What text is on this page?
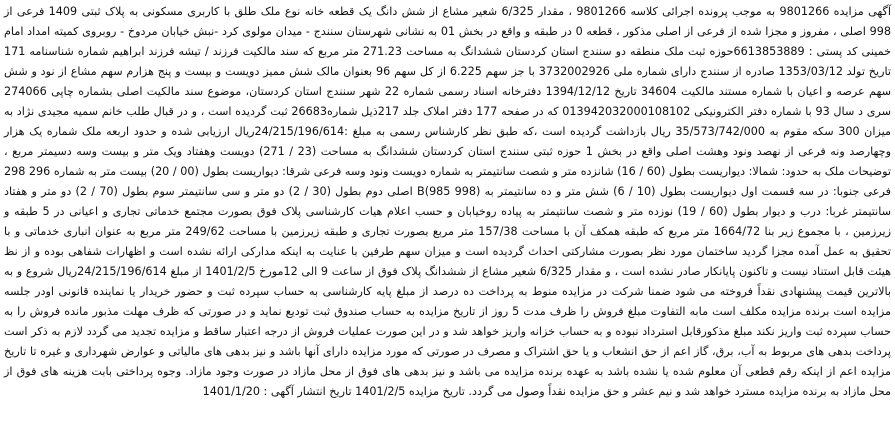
آگهی مزایده 9801266 به موجب پرونده اجرائی کلاسه 9801266 ، مقدار 6/325 شعیر مشاع از شش دانگ یک قطعه خانه نوع ملک طلق با کاربری مسکونی به پلاک ثبتی 1409 فرعی از 998 اصلی ، مفروز و مجزا شده از فرعی از اصلی مذکور ، قطعه 0 در طبقه و واقع در بخش 01 به نشانی شهرستان سنندج - میدان مولوی کرد -نبش خیابان مردوخ - روبروی کمیته امداد امام خمینی کد پستی : 6613853889حوزه ثبت ملک منطقه دو سنندج استان کردستان ششدانگ به مساحت 271.23 متر مربع که سند مالکیت فرزند / تیشه فرزند ابراهیم شماره شناسنامه 171 تاریخ تولد 1353/03/12 صادره از سنندج دارای شماره ملی 3732002926 با جز سهم 6.225 از کل سهم 96 بعنوان مالک شش ممیز دویست و بیست و پنج هزارم سهم مشاع از نود و شش سهم عرصه و اعیان با شماره مستند مالکیت 34604 تاریخ 1394/12/12 دفترخانه اسناد رسمی شماره 22 شهر سنندج استان کردستان، موضوع سند مالکیت اصلی بشماره چاپی 274066 سری د سال 93 با شماره دفتر الکترونیکی 013942032000108102 که در صفحه 177 دفتر املاک جلد 217ذیل شماره26683 ثبت گردیده است ، و در قبال طلب خانم سمیه مجیدی نژاد به میزان 300 سکه مقوم به 35/573/742/000 ریال بازداشت گردیده است ،که طبق نظر کارشناس رسمی به مبلغ :24/215/196/614ریال ارزیابی شده و حدود اربعه ملک شماره یک هزار وچهارصد ونه فرعی از نهصد ونود وهشت اصلی واقع در بخش 1 حوزه ثبتی سنندج استان کردستان ششدانگ به مساحت (23 / 271) دویست وهفتاد ویک متر و بیست وسه دسیمتر مربع ، توضیحات ملک به حدود: شمالا: دیواریست بطول (60 / 16) شانزده متر و شصت سانتیمتر به شماره دویست ونود وسه فرعی شرقا: دیواریست بطول (00 / 20) بیست متر به شماره 296 298 فرعی جنوبا: در سه قسمت اول دیواریست بطول (10 / 6) شش متر و ده سانتیمتر به (998 985)B اصلی دوم بطول (30 / 2) دو متر و سی سانتیمتر سوم بطول (70 / 2) دو متر و هفتاد سانتیمتر غربا: درب و دیوار بطول (60 / 19) نوزده متر و شصت سانتیمتر به پیاده روخیابان و حسب اعلام هیات کارشناسی پلاک فوق بصورت مجتمع خدماتی تجاری و اعیانی در 5 طبقه و زیرزمین ، با مجموع زیر بنا 1664/72 متر مربع که طبقه همکف آن با مساحت 157/38 متر مربع بصورت تجاری و طبقه زیرزمین با مساحت 249/62 متر مربع به عنوان انباری خدماتی و با تحقیق به عمل آمده مجزا گردید ساختمان مورد نظر بصورت مشارکتی احداث گردیده است و میزان سهم طرفین با عنایت به اینکه مدارکی ارائه نشده است و اظهارات شفاهی بوده و از نظ هیئت قابل استناد نیست و تاکنون پایانکار صادر نشده است ، و مقدار 6/325 شعیر مشاع از ششدانگ پلاک فوق از ساعت 9 الی 12مورخ 1401/2/5 از مبلغ 24/215/196/614ریال شروع و به بالاترین قیمت پیشنهادی نقداً فروخته می شود ضمنا شرکت در مزایده منوط به پرداخت ده درصد از مبلغ پایه کارشناسی به حساب سپرده ثبت و حضور خریدار یا نماینده قانونی اودر جلسه مزایده است برنده مزایده مکلف است مابه التفاوت مبلغ فروش را ظرف مدت 5 روز از تاریخ مزایده به حساب صندوق ثبت تودیع نماید و در صورتی که ظرف مهلت مذبور مانده فروش را به حساب سپرده ثبت واریز نکند مبلغ مذکورقابل استرداد نبوده و به حساب خزانه واریز خواهد شد و در این صورت عملیات فروش از درجه اعتبار ساقط و مزایده تجدید می گردد لازم به ذکر است پرداخت بدهی های مربوط به آب، برق، گاز اعم از حق انشعاب و یا حق اشتراک و مصرف در صورتی که مورد مزایده دارای آنها باشد و نیز بدهی های مالیاتی و عوارض شهرداری و غیره تا تاریخ مزایده اعم از اینکه رقم قطعی آن معلوم شده یا نشده باشد به عهده برنده مزایده می باشد و نیز بدهی های فوق از محل مازاد در صورت وجود مازاد. وجوه پرداختی بابت هزینه های فوق از محل مازاد به برنده مزایده مسترد خواهد شد و نیم عشر و حق مزایده نقداً وصول می گردد. تاریخ مزایده 1401/2/5 تاریخ انتشار آگهی : 1401/1/20
